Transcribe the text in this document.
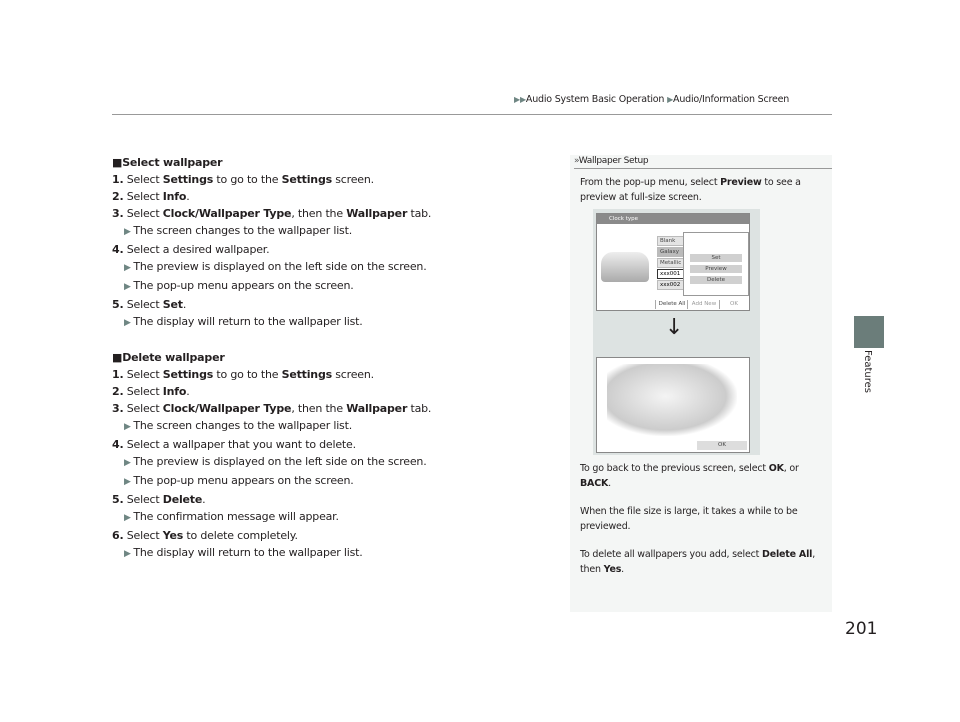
▶▶Audio System Basic Operation ▶Audio/Information Screen
■Select wallpaper
1. Select Settings to go to the Settings screen.
2. Select Info.
3. Select Clock/Wallpaper Type, then the Wallpaper tab.
▶ The screen changes to the wallpaper list.
4. Select a desired wallpaper.
▶ The preview is displayed on the left side on the screen.
▶ The pop-up menu appears on the screen.
5. Select Set.
▶ The display will return to the wallpaper list.
■Delete wallpaper
1. Select Settings to go to the Settings screen.
2. Select Info.
3. Select Clock/Wallpaper Type, then the Wallpaper tab.
▶ The screen changes to the wallpaper list.
4. Select a wallpaper that you want to delete.
▶ The preview is displayed on the left side on the screen.
▶ The pop-up menu appears on the screen.
5. Select Delete.
▶ The confirmation message will appear.
6. Select Yes to delete completely.
▶ The display will return to the wallpaper list.
»Wallpaper Setup
From the pop-up menu, select Preview to see a preview at full-size screen.
Clock type
Blank
Galaxy
Metallic
xxx001
xxx002
Set
Preview
Delete
Delete All	Add New	OK
↓
OK
To go back to the previous screen, select OK, or BACK.
When the file size is large, it takes a while to be previewed.
To delete all wallpapers you add, select Delete All, then Yes.
Features
201
